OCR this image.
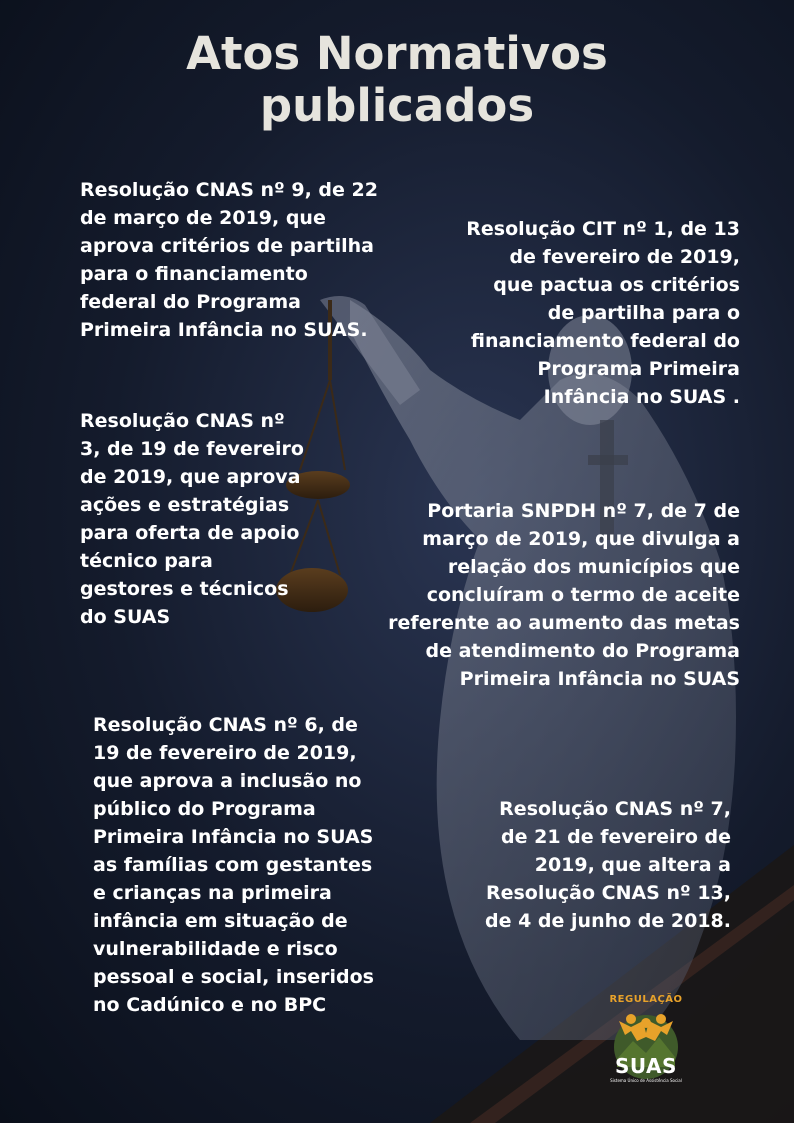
Atos Normativos
publicados
Resolução CNAS nº 9, de 22
de março de 2019, que
aprova critérios de partilha
para o financiamento
federal do Programa
Primeira Infância no SUAS.
Resolução CIT nº 1, de 13
de fevereiro de 2019,
que pactua os critérios
de partilha para o
financiamento federal do
Programa Primeira
Infância no SUAS .
Resolução CNAS nº
3, de 19 de fevereiro
de 2019, que aprova
ações e estratégias
para oferta de apoio
técnico para
gestores e técnicos
do SUAS
Portaria SNPDH nº 7, de 7 de
março de 2019, que divulga a
relação dos municípios que
concluíram o termo de aceite
referente ao aumento das metas
de atendimento do Programa
Primeira Infância no SUAS
Resolução CNAS nº 6, de
19 de fevereiro de 2019,
que aprova a inclusão no
público do Programa
Primeira Infância no SUAS
as famílias com gestantes
e crianças na primeira
infância em situação de
vulnerabilidade e risco
pessoal e social, inseridos
no Cadúnico e no BPC
Resolução CNAS nº 7,
de 21 de fevereiro de
2019, que altera a
Resolução CNAS nº 13,
de 4 de junho de 2018.
REGULAÇÃO
SUAS
Sistema Único de Assistência Social
